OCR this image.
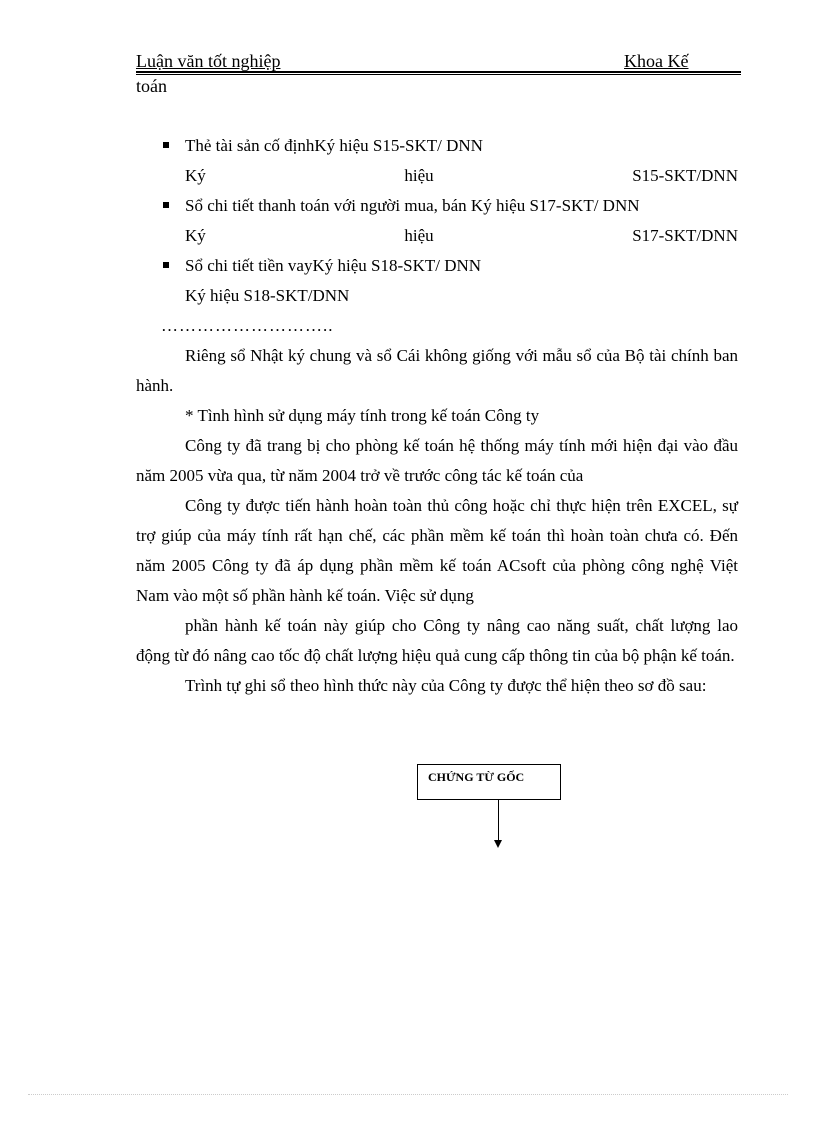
Luận văn tốt nghiệp	Khoa Kế
toán
Thẻ tài sản cố địnhKý hiệu S15-SKT/ DNN
Ký	hiệu	S15-SKT/DNN
Sổ chi tiết thanh toán với người mua, bán Ký hiệu S17-SKT/ DNN
Ký	hiệu	S17-SKT/DNN
Sổ chi tiết tiền vayKý hiệu S18-SKT/ DNN
Ký hiệu S18-SKT/DNN
………………………..

Riêng sổ Nhật ký chung và sổ Cái không giống với mẫu sổ của Bộ tài chính ban hành.

* Tình hình sử dụng máy tính trong kế toán Công ty

Công ty đã trang bị cho phòng kế toán hệ thống máy tính mới hiện đại vào đầu năm 2005 vừa qua, từ năm 2004 trở về trước công tác kế toán của

Công ty được tiến hành hoàn toàn thủ công hoặc chỉ thực hiện trên EXCEL, sự trợ giúp của máy tính rất hạn chế, các phần mềm kế toán thì hoàn toàn chưa có. Đến năm 2005 Công ty đã áp dụng phần mềm kế toán ACsoft của phòng công nghệ Việt Nam vào một số phần hành kế toán. Việc sử dụng

phần hành kế toán này giúp cho Công ty nâng cao năng suất, chất lượng lao động từ đó nâng cao tốc độ chất lượng hiệu quả cung cấp thông tin của bộ phận kế toán.

Trình tự ghi sổ theo hình thức này của Công ty được thể hiện theo sơ đồ sau:

CHỨNG TỪ GỐC
